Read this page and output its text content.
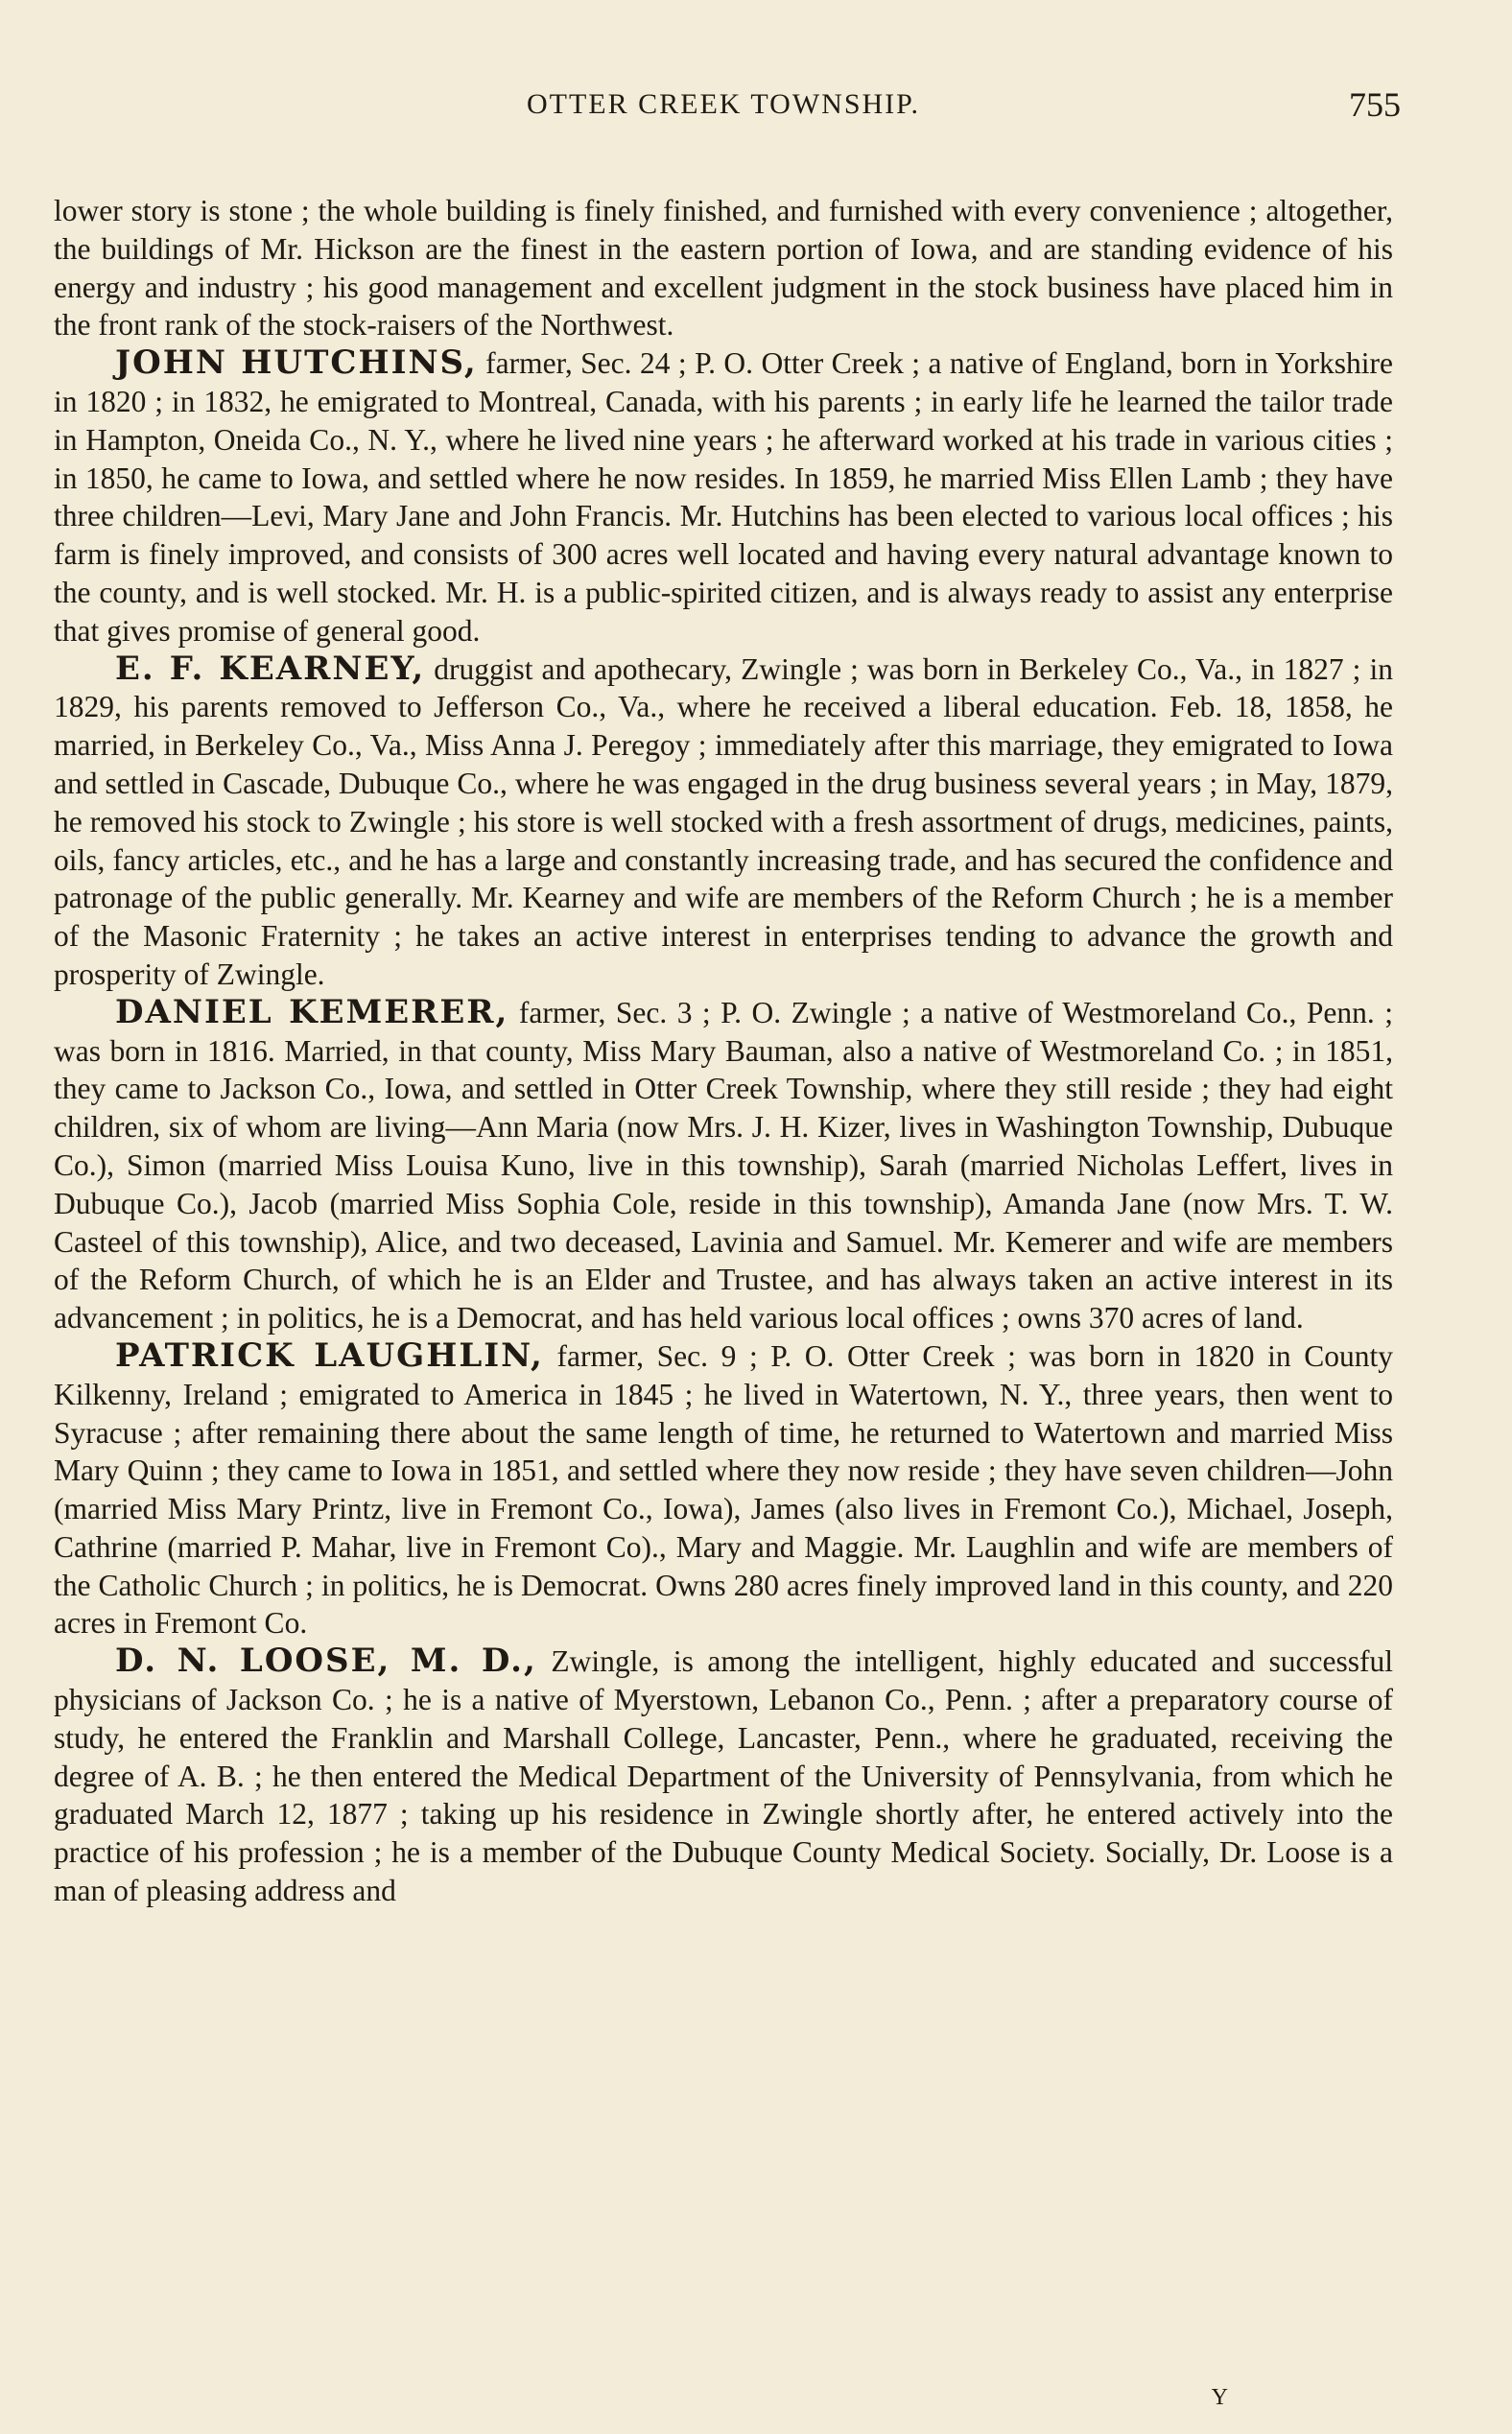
OTTER CREEK TOWNSHIP.	755

lower story is stone ; the whole building is finely finished, and furnished with every convenience ; altogether, the buildings of Mr. Hickson are the finest in the eastern portion of Iowa, and are standing evidence of his energy and industry ; his good management and excellent judgment in the stock business have placed him in the front rank of the stock-raisers of the Northwest.

JOHN HUTCHINS, farmer, Sec. 24 ; P. O. Otter Creek ; a native of England, born in Yorkshire in 1820 ; in 1832, he emigrated to Montreal, Canada, with his parents ; in early life he learned the tailor trade in Hampton, Oneida Co., N. Y., where he lived nine years ; he afterward worked at his trade in various cities ; in 1850, he came to Iowa, and settled where he now resides. In 1859, he married Miss Ellen Lamb ; they have three children—Levi, Mary Jane and John Francis. Mr. Hutchins has been elected to various local offices ; his farm is finely improved, and consists of 300 acres well located and having every natural advantage known to the county, and is well stocked. Mr. H. is a public-spirited citizen, and is always ready to assist any enterprise that gives promise of general good.

E. F. KEARNEY, druggist and apothecary, Zwingle ; was born in Berkeley Co., Va., in 1827 ; in 1829, his parents removed to Jefferson Co., Va., where he received a liberal education. Feb. 18, 1858, he married, in Berkeley Co., Va., Miss Anna J. Peregoy ; immediately after this marriage, they emigrated to Iowa and settled in Cascade, Dubuque Co., where he was engaged in the drug business several years ; in May, 1879, he removed his stock to Zwingle ; his store is well stocked with a fresh assortment of drugs, medicines, paints, oils, fancy articles, etc., and he has a large and constantly increasing trade, and has secured the confidence and patronage of the public generally. Mr. Kearney and wife are members of the Reform Church ; he is a member of the Masonic Fraternity ; he takes an active interest in enterprises tending to advance the growth and prosperity of Zwingle.

DANIEL KEMERER, farmer, Sec. 3 ; P. O. Zwingle ; a native of Westmoreland Co., Penn. ; was born in 1816. Married, in that county, Miss Mary Bauman, also a native of Westmoreland Co. ; in 1851, they came to Jackson Co., Iowa, and settled in Otter Creek Township, where they still reside ; they had eight children, six of whom are living—Ann Maria (now Mrs. J. H. Kizer, lives in Washington Township, Dubuque Co.), Simon (married Miss Louisa Kuno, live in this township), Sarah (married Nicholas Leffert, lives in Dubuque Co.), Jacob (married Miss Sophia Cole, reside in this township), Amanda Jane (now Mrs. T. W. Casteel of this township), Alice, and two deceased, Lavinia and Samuel. Mr. Kemerer and wife are members of the Reform Church, of which he is an Elder and Trustee, and has always taken an active interest in its advancement ; in politics, he is a Democrat, and has held various local offices ; owns 370 acres of land.

PATRICK LAUGHLIN, farmer, Sec. 9 ; P. O. Otter Creek ; was born in 1820 in County Kilkenny, Ireland ; emigrated to America in 1845 ; he lived in Watertown, N. Y., three years, then went to Syracuse ; after remaining there about the same length of time, he returned to Watertown and married Miss Mary Quinn ; they came to Iowa in 1851, and settled where they now reside ; they have seven children—John (married Miss Mary Printz, live in Fremont Co., Iowa), James (also lives in Fremont Co.), Michael, Joseph, Cathrine (married P. Mahar, live in Fremont Co)., Mary and Maggie. Mr. Laughlin and wife are members of the Catholic Church ; in politics, he is Democrat. Owns 280 acres finely improved land in this county, and 220 acres in Fremont Co.

D. N. LOOSE, M. D., Zwingle, is among the intelligent, highly educated and successful physicians of Jackson Co. ; he is a native of Myerstown, Lebanon Co., Penn. ; after a preparatory course of study, he entered the Franklin and Marshall College, Lancaster, Penn., where he graduated, receiving the degree of A. B. ; he then entered the Medical Department of the University of Pennsylvania, from which he graduated March 12, 1877 ; taking up his residence in Zwingle shortly after, he entered actively into the practice of his profession ; he is a member of the Dubuque County Medical Society. Socially, Dr. Loose is a man of pleasing address and

Y
